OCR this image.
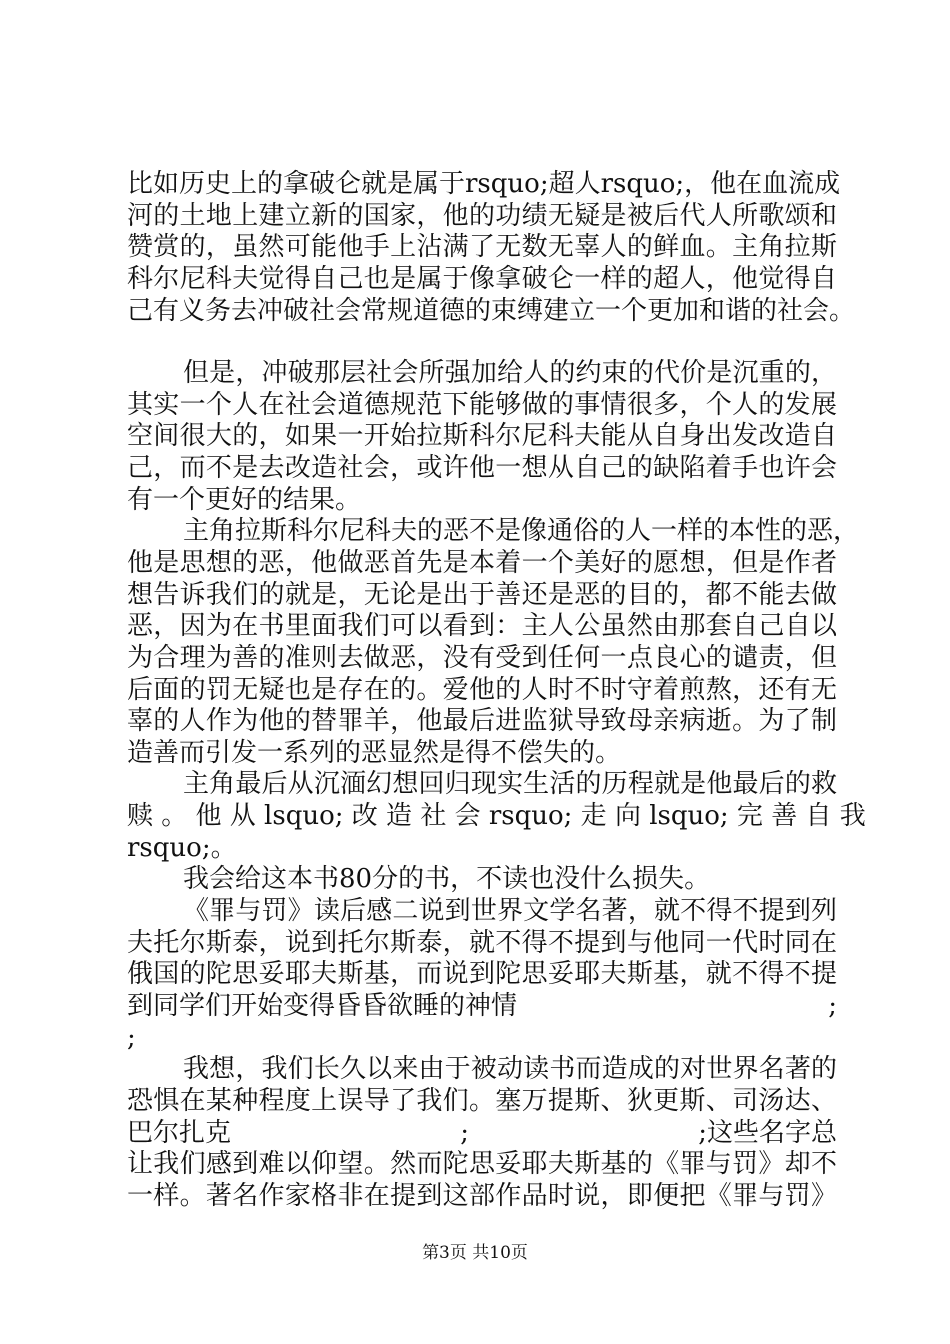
比如历史上的拿破仑就是属于rsquo;超人rsquo;，他在血流成
河的土地上建立新的国家，他的功绩无疑是被后代人所歌颂和
赞赏的，虽然可能他手上沾满了无数无辜人的鲜血。主角拉斯
科尔尼科夫觉得自己也是属于像拿破仑一样的超人，他觉得自
己有义务去冲破社会常规道德的束缚建立一个更加和谐的社会。
但是，冲破那层社会所强加给人的约束的代价是沉重的，
其实一个人在社会道德规范下能够做的事情很多，个人的发展
空间很大的，如果一开始拉斯科尔尼科夫能从自身出发改造自
己，而不是去改造社会，或许他一想从自己的缺陷着手也许会
有一个更好的结果。
主角拉斯科尔尼科夫的恶不是像通俗的人一样的本性的恶，
他是思想的恶，他做恶首先是本着一个美好的愿想，但是作者
想告诉我们的就是，无论是出于善还是恶的目的，都不能去做
恶，因为在书里面我们可以看到：主人公虽然由那套自己自以
为合理为善的准则去做恶，没有受到任何一点良心的谴责，但
后面的罚无疑也是存在的。爱他的人时不时守着煎熬，还有无
辜的人作为他的替罪羊，他最后进监狱导致母亲病逝。为了制
造善而引发一系列的恶显然是得不偿失的。
主角最后从沉湎幻想回归现实生活的历程就是他最后的救
赎 。 他 从 lsquo; 改 造 社 会 rsquo; 走 向 lsquo; 完 善 自 我
rsquo;。
我会给这本书80分的书，不读也没什么损失。
《罪与罚》读后感二说到世界文学名著，就不得不提到列
夫托尔斯泰，说到托尔斯泰，就不得不提到与他同一代时同在
俄国的陀思妥耶夫斯基，而说到陀思妥耶夫斯基，就不得不提
到同学们开始变得昏昏欲睡的神情	;
;
我想，我们长久以来由于被动读书而造成的对世界名著的
恐惧在某种程度上误导了我们。塞万提斯、狄更斯、司汤达、
巴尔扎克	;	;这些名字总
让我们感到难以仰望。然而陀思妥耶夫斯基的《罪与罚》却不
一样。著名作家格非在提到这部作品时说，即便把《罪与罚》
第3页 共10页
